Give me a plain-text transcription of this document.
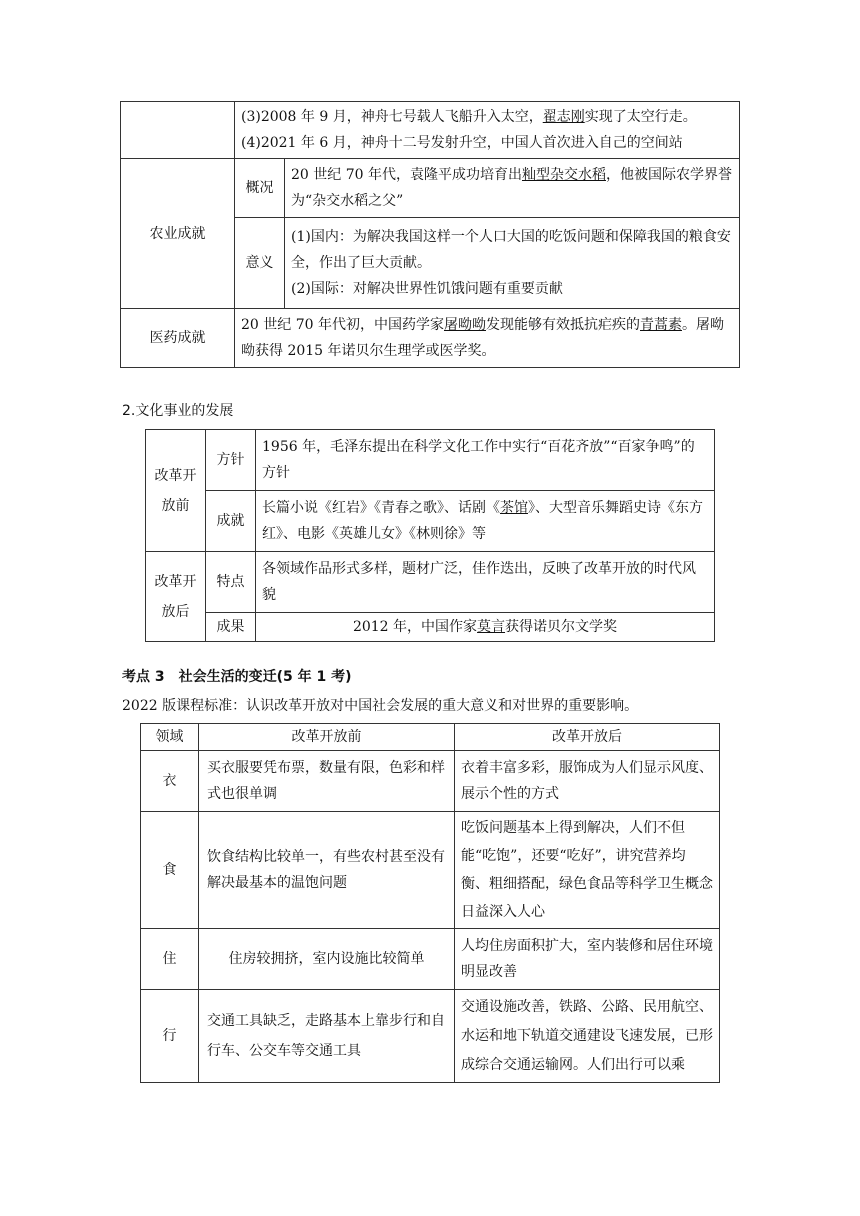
	(3)2008 年 9 月，神舟七号载人飞船升入太空，翟志刚实现了太空行走。
(4)2021 年 6 月，神舟十二号发射升空，中国人首次进入自己的空间站	

农业成就	概况	20 世纪 70 年代，袁隆平成功培育出籼型杂交水稻，他被国际农学界誉为“杂交水稻之父”
	意义	(1)国内：为解决我国这样一个人口大国的吃饭问题和保障我国的粮食安全，作出了巨大贡献。
(2)国际：对解决世界性饥饿问题有重要贡献

医药成就	20 世纪 70 年代初，中国药学家屠呦呦发现能够有效抵抗疟疾的青蒿素。屠呦呦获得 2015 年诺贝尔生理学或医学奖。	
2.文化事业的发展
改革开放前	方针	1956 年，毛泽东提出在科学文化工作中实行“百花齐放”“百家争鸣”的方针
	成就	长篇小说《红岩》《青春之歌》、话剧《茶馆》、大型音乐舞蹈史诗《东方红》、电影《英雄儿女》《林则徐》等

改革开放后	特点	各领域作品形式多样，题材广泛，佳作迭出，反映了改革开放的时代风貌
	成果	2012 年，中国作家莫言获得诺贝尔文学奖
考点 3　社会生活的变迁(5 年 1 考)
2022 版课程标准：认识改革开放对中国社会发展的重大意义和对世界的重要影响。
领域	改革开放前	改革开放后
衣	买衣服要凭布票，数量有限，色彩和样式也很单调	衣着丰富多彩，服饰成为人们显示风度、展示个性的方式
食	饮食结构比较单一，有些农村甚至没有解决最基本的温饱问题	吃饭问题基本上得到解决，人们不但能“吃饱”，还要“吃好”，讲究营养均衡、粗细搭配，绿色食品等科学卫生概念日益深入人心
住	住房较拥挤，室内设施比较简单	人均住房面积扩大，室内装修和居住环境明显改善
行	交通工具缺乏，走路基本上靠步行和自行车、公交车等交通工具	交通设施改善，铁路、公路、民用航空、水运和地下轨道交通建设飞速发展，已形成综合交通运输网。人们出行可以乘
